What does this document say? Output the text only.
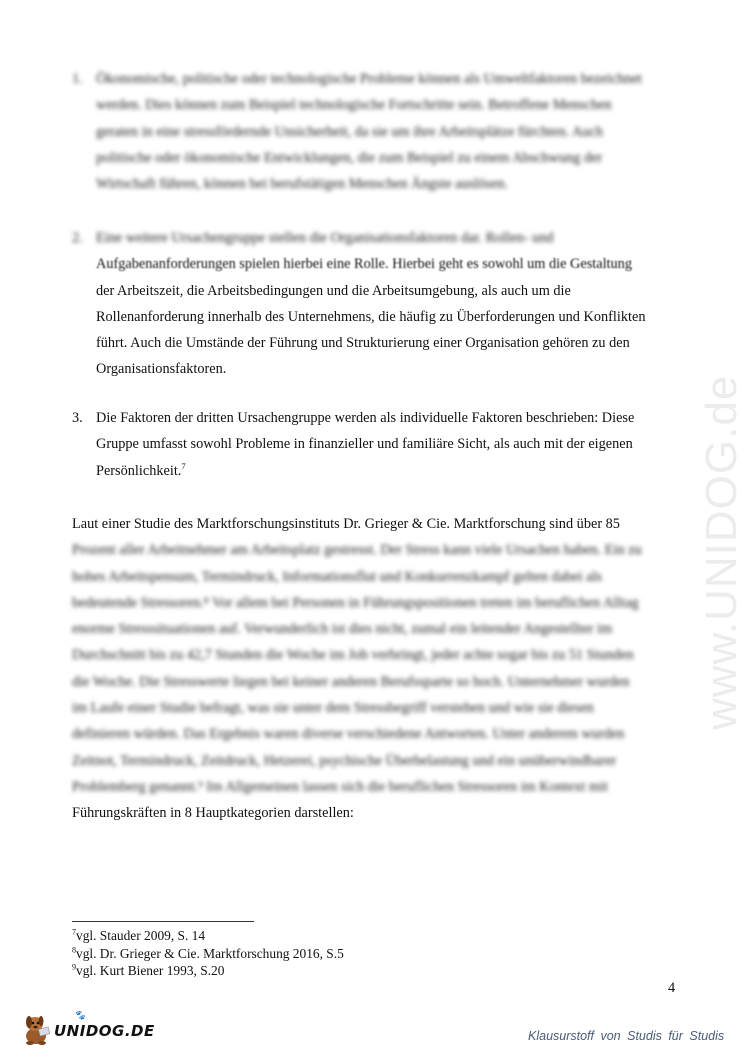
www.UNIDOG.de
1. Ökonomische, politische oder technologische Probleme können als Umweltfaktoren bezeichnet
werden. Dies können zum Beispiel technologische Fortschritte sein. Betroffene Menschen
geraten in eine stressfördernde Unsicherheit, da sie um ihre Arbeitsplätze fürchten. Auch
politische oder ökonomische Entwicklungen, die zum Beispiel zu einem Abschwung der
Wirtschaft führen, können bei berufstätigen Menschen Ängste auslösen.
2. Eine weitere Ursachengruppe stellen die Organisationsfaktoren dar. Rollen- und
Aufgabenanforderungen spielen hierbei eine Rolle. Hierbei geht es sowohl um die Gestaltung
der Arbeitszeit, die Arbeitsbedingungen und die Arbeitsumgebung, als auch um die
Rollenanforderung innerhalb des Unternehmens, die häufig zu Überforderungen und Konflikten
führt. Auch die Umstände der Führung und Strukturierung einer Organisation gehören zu den
Organisationsfaktoren.
3. Die Faktoren der dritten Ursachengruppe werden als individuelle Faktoren beschrieben: Diese
Gruppe umfasst sowohl Probleme in finanzieller und familiäre Sicht, als auch mit der eigenen
Persönlichkeit.$^7$
Laut einer Studie des Marktforschungsinstituts Dr. Grieger & Cie. Marktforschung sind über 85
Prozent aller Arbeitnehmer am Arbeitsplatz gestresst. Der Stress kann viele Ursachen haben. Ein zu
hohes Arbeitspensum, Termindruck, Informationsflut und Konkurrenzkampf gelten dabei als
bedeutende Stressoren.⁸ Vor allem bei Personen in Führungspositionen treten im beruflichen Alltag
enorme Stresssituationen auf. Verwunderlich ist dies nicht, zumal ein leitender Angestellter im
Durchschnitt bis zu 42,7 Stunden die Woche im Job verbringt, jeder achte sogar bis zu 51 Stunden
die Woche. Die Stresswerte liegen bei keiner anderen Berufssparte so hoch. Unternehmer wurden
im Laufe einer Studie befragt, was sie unter dem Stressbegriff verstehen und wie sie diesen
definieren würden. Das Ergebnis waren diverse verschiedene Antworten. Unter anderem wurden
Zeitnot, Termindruck, Zeitdruck, Hetzerei, psychische Überbelastung und ein unüberwindbarer
Problemberg genannt.⁹ Im Allgemeinen lassen sich die beruflichen Stressoren im Kontext mit
Führungskräften in 8 Hauptkategorien darstellen:
$^7$vgl. Stauder 2009, S. 14
$^8$vgl. Dr. Grieger & Cie. Marktforschung 2016, S.5
$^9$vgl. Kurt Biener 1993, S.20
4
🐾
UNIDOG.DE	Klausurstoff von Studis für Studis
